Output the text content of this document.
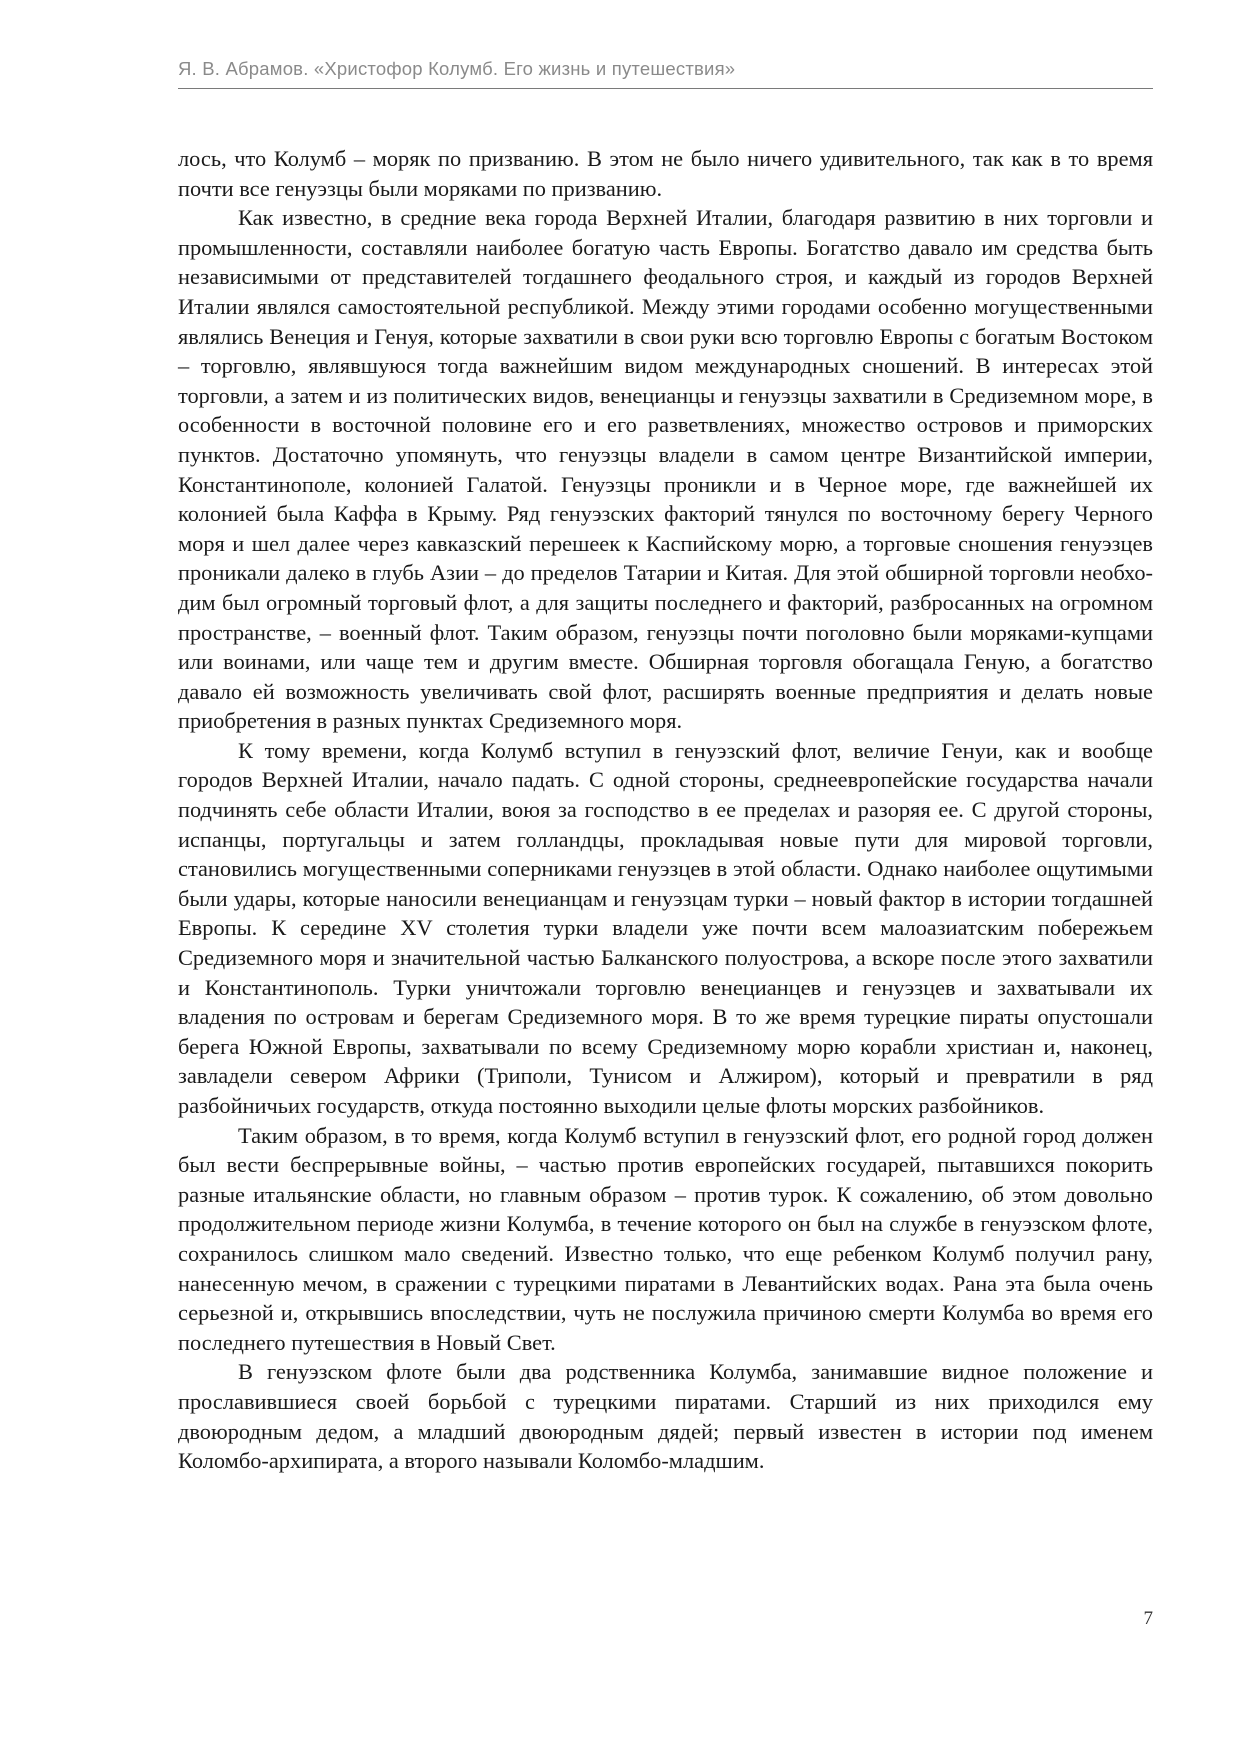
Я. В. Абрамов. «Христофор Колумб. Его жизнь и путешествия»

лось, что Колумб – моряк по призванию. В этом не было ничего удивительного, так как в то время почти все генуэзцы были моряками по призванию.

Как известно, в средние века города Верхней Италии, благодаря развитию в них торговли и промышленности, составляли наиболее богатую часть Европы. Богатство давало им средства быть независимыми от представителей тогдашнего феодального строя, и каждый из городов Верхней Италии являлся самостоятельной республикой. Между этими городами особенно могущественными являлись Венеция и Генуя, которые захватили в свои руки всю торговлю Европы с богатым Востоком – торговлю, являвшуюся тогда важнейшим видом международных сношений. В интересах этой торговли, а затем и из политических видов, венецианцы и генуэзцы захватили в Средиземном море, в особенности в восточной половине его и его разветвлениях, множество островов и приморских пунктов. Достаточно упомянуть, что генуэзцы владели в самом центре Византийской империи, Константинополе, колонией Галатой. Генуэзцы проникли и в Черное море, где важнейшей их колонией была Каффа в Крыму. Ряд генуэзских факторий тянулся по восточному берегу Черного моря и шел далее через кавказский перешеек к Каспийскому морю, а торговые сношения генуэзцев проникали далеко в глубь Азии – до пределов Татарии и Китая. Для этой обширной торговли необходим был огромный торговый флот, а для защиты последнего и факторий, разбросанных на огромном пространстве, – военный флот. Таким образом, генуэзцы почти поголовно были моряками-купцами или воинами, или чаще тем и другим вместе. Обширная торговля обогащала Геную, а богатство давало ей возможность увеличивать свой флот, расширять военные предприятия и делать новые приобретения в разных пунктах Средиземного моря.

К тому времени, когда Колумб вступил в генуэзский флот, величие Генуи, как и вообще городов Верхней Италии, начало падать. С одной стороны, среднеевропейские государства начали подчинять себе области Италии, воюя за господство в ее пределах и разоряя ее. С другой стороны, испанцы, португальцы и затем голландцы, прокладывая новые пути для мировой торговли, становились могущественными соперниками генуэзцев в этой области. Однако наиболее ощутимыми были удары, которые наносили венецианцам и генуэзцам турки – новый фактор в истории тогдашней Европы. К середине XV столетия турки владели уже почти всем малоазиатским побережьем Средиземного моря и значительной частью Балканского полуострова, а вскоре после этого захватили и Константинополь. Турки уничтожали торговлю венецианцев и генуэзцев и захватывали их владения по островам и берегам Средиземного моря. В то же время турецкие пираты опустошали берега Южной Европы, захватывали по всему Средиземному морю корабли христиан и, наконец, завладели севером Африки (Триполи, Тунисом и Алжиром), который и превратили в ряд разбойничьих государств, откуда постоянно выходили целые флоты морских разбойников.

Таким образом, в то время, когда Колумб вступил в генуэзский флот, его родной город должен был вести беспрерывные войны, – частью против европейских государей, пытавшихся покорить разные итальянские области, но главным образом – против турок. К сожалению, об этом довольно продолжительном периоде жизни Колумба, в течение которого он был на службе в генуэзском флоте, сохранилось слишком мало сведений. Известно только, что еще ребенком Колумб получил рану, нанесенную мечом, в сражении с турецкими пиратами в Левантийских водах. Рана эта была очень серьезной и, открывшись впоследствии, чуть не послужила причиною смерти Колумба во время его последнего путешествия в Новый Свет.

В генуэзском флоте были два родственника Колумба, занимавшие видное положение и прославившиеся своей борьбой с турецкими пиратами. Старший из них приходился ему двоюродным дедом, а младший двоюродным дядей; первый известен в истории под именем Коломбо-архипирата, а второго называли Коломбо-младшим.

7
